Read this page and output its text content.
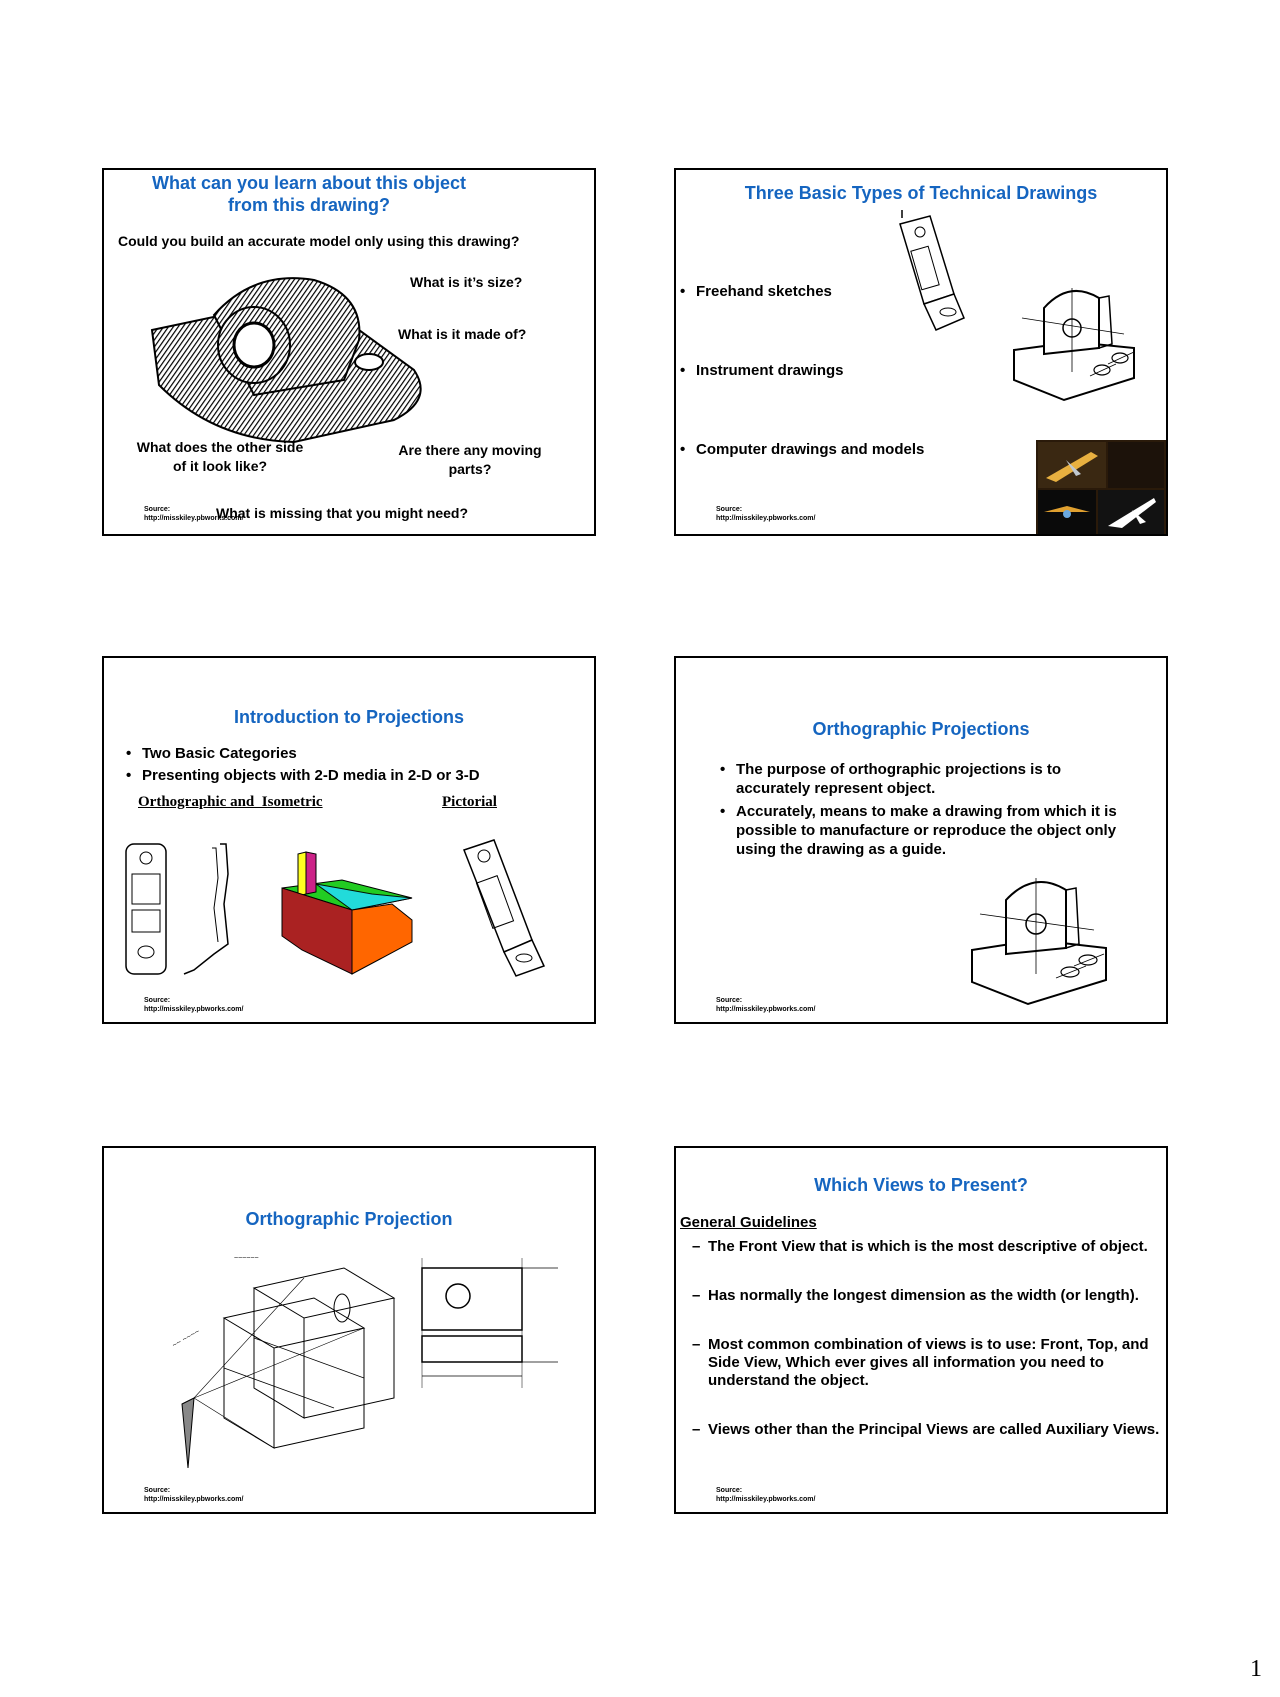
What can you learn about this object from this drawing?
Could you build an accurate model only using this drawing?
What is it’s size?
What is it made of?
What does the other side of it look like?
Are there any moving parts?
What is missing that you might need?
Source:
http://misskiley.pbworks.com/
Three Basic Types of Technical Drawings
• Freehand sketches
• Instrument drawings
• Computer drawings and models
Source:
http://misskiley.pbworks.com/
Introduction to Projections
• Two Basic Categories
• Presenting objects with 2-D media in 2-D or 3-D
Orthographic and  Isometric	Pictorial
Source:
http://misskiley.pbworks.com/
Orthographic Projections
• The purpose of orthographic projections is to accurately represent object.
• Accurately, means to make a drawing from which it is possible to manufacture or reproduce the object only using the drawing as a guide.
Source:
http://misskiley.pbworks.com/
Orthographic Projection
~~ ~~~~
~~~~~~
Source:
http://misskiley.pbworks.com/
Which Views to Present?
General Guidelines
– The Front View that is which is the most descriptive of object.
– Has normally the longest dimension as the width (or length).
– Most common combination of views is to use: Front, Top, and Side View, Which ever gives all information you need to understand the object.
– Views other than the Principal Views are called Auxiliary Views.
Source:
http://misskiley.pbworks.com/
1
